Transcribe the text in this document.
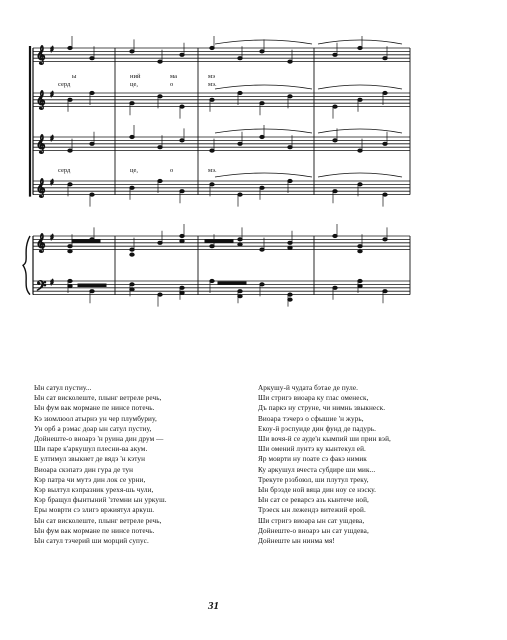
𝄞 ♯
𝄞 ♯
𝄞 ♯
𝄞 ♯
𝄞 ♯
𝄢 ♯
ы	ний	ма	мэ
серд	це,	о	мэ.
серд	це,	о	мэ.
Ын сатул пустиу...
Ын сат висколеште, плынг ветреле речь,
Ын фум вак мормане пе нинсе потечь.
Кэ зюмлюол атырнэ ун чер плумбуриу,
Ун орб а рэмас доар ын сатул пустиу,
Дойнеште-о вноарэ 'н руина дин друм —
Ши паре к'аркушул плесни-ва акум.
Е ултимул звыкнет де вядэ 'н кэтун
Виоара скэпатэ дин гура де тун
Кэр патра чи мутэ дин лок се урни,
Кэр вылтул кэпразник урехя-шь чули,
Кэр бращул фынтыний 'зтемни ын уркуш.
Еры моврти сэ злигэ вржиятул аркуш.
Ын сат висколеште, плынг ветреле речь,
Ын фум вак мормане пе нинсе потечь.
Ын сатул тэчерий ши морций супус.
Аркушу-й чудата бэтае де пуле.
Ши стригэ виоара ку глас оменеск,
Дъ паркэ ну струне, чи нимнь звыкнеск.
Виоара тэчерэ о сфышие 'н журь,
Екоу-й рэспуиде дин фунд де падурь.
Ши вочя-й се ауде'н кымпий ши прин вэй,
Ши омений лунтэ ку кынтекул ей.
Яр моврти ну поате сэ факэ нимик
Ку аркушул вчеста субдире ши мик...
Трекуте рэзбоюл, ши плутул треку,
Ын брэзде ной вяца дин ноу се нэску.
Ын сат се реварсэ азь кынтече ной,
Трэеск ын лежендэ витежий ерой.
Ши стригэ виоара ын сат ушдева,
Дойнеште-о вноарэ ын сат ушдева,
Дойнеште ын нинма мя!
31
